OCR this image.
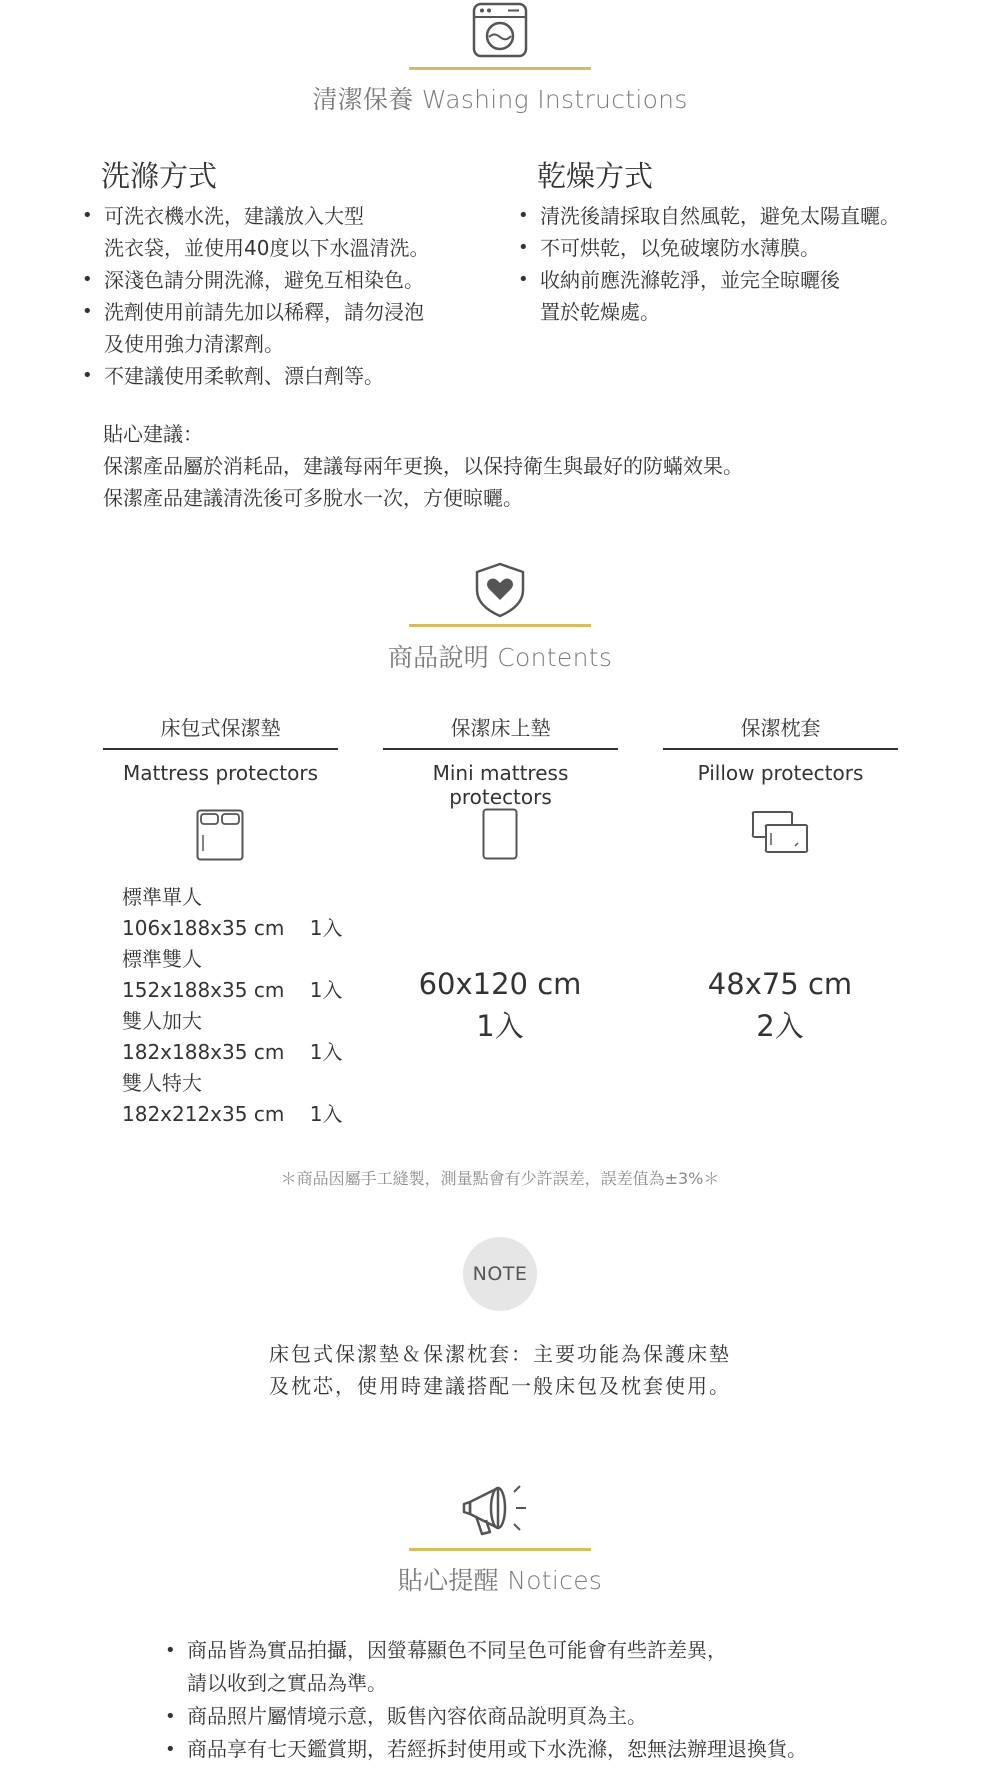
清潔保養 Washing Instructions
洗滌方式
• 可洗衣機水洗，建議放入大型
洗衣袋，並使用40度以下水溫清洗。
• 深淺色請分開洗滌，避免互相染色。
• 洗劑使用前請先加以稀釋，請勿浸泡
及使用強力清潔劑。
• 不建議使用柔軟劑、漂白劑等。
乾燥方式
• 清洗後請採取自然風乾，避免太陽直曬。
• 不可烘乾，以免破壞防水薄膜。
• 收納前應洗滌乾淨，並完全晾曬後
置於乾燥處。
貼心建議：
保潔產品屬於消耗品，建議每兩年更換，以保持衛生與最好的防蟎效果。
保潔產品建議清洗後可多脫水一次，方便晾曬。
商品說明 Contents
床包式保潔墊
Mattress protectors
保潔床上墊
Mini mattress protectors
保潔枕套
Pillow protectors
標準單人
106x188x35 cm 1入
標準雙人
152x188x35 cm 1入
雙人加大
182x188x35 cm 1入
雙人特大
182x212x35 cm 1入
60x120 cm
1入
48x75 cm
2入
＊商品因屬手工縫製，測量點會有少許誤差，誤差值為±3%＊
NOTE
床包式保潔墊＆保潔枕套：主要功能為保護床墊
及枕芯，使用時建議搭配一般床包及枕套使用。
貼心提醒 Notices
• 商品皆為實品拍攝，因螢幕顯色不同呈色可能會有些許差異，
請以收到之實品為準。
• 商品照片屬情境示意，販售內容依商品說明頁為主。
• 商品享有七天鑑賞期，若經拆封使用或下水洗滌，恕無法辦理退換貨。
